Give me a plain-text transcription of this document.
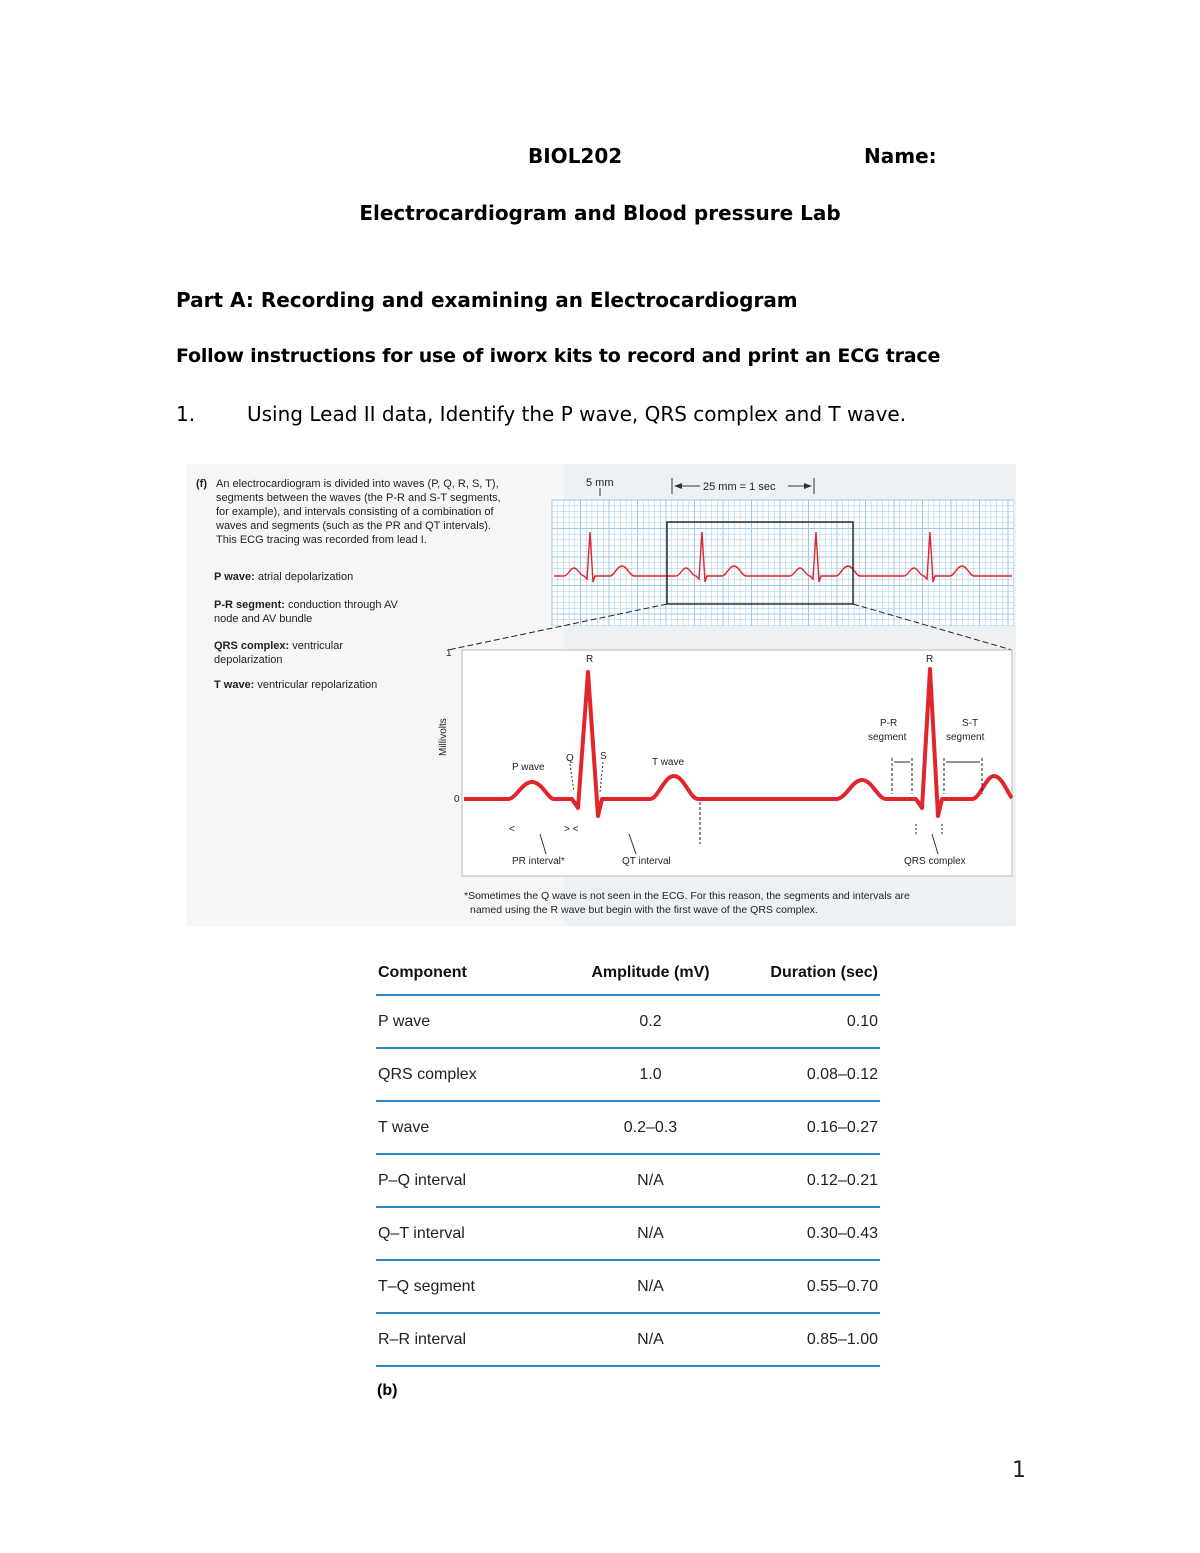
BIOL202	Name:
Electrocardiogram and Blood pressure Lab
Part A: Recording and examining an Electrocardiogram
Follow instructions for use of iworx kits to record and print an ECG trace
1.	Using Lead II data, Identify the P wave, QRS complex and T wave.
(f) An electrocardiogram is divided into waves (P, Q, R, S, T),
segments between the waves (the P-R and S-T segments,
for example), and intervals consisting of a combination of
waves and segments (such as the PR and QT intervals).
This ECG tracing was recorded from lead I.
P wave: atrial depolarization
P-R segment: conduction through AV
node and AV bundle
QRS complex: ventricular
depolarization
T wave: ventricular repolarization
5 mm	25 mm = 1 sec
1
0
Millivolts
R	R
P wave
Q	S
T wave
P-R
segment
S-T
segment
<	> <
PR interval*	QT interval	QRS complex
*Sometimes the Q wave is not seen in the ECG. For this reason, the segments and intervals are
named using the R wave but begin with the first wave of the QRS complex.
Component	Amplitude (mV)	Duration (sec)
P wave	0.2	0.10
QRS complex	1.0	0.08–0.12
T wave	0.2–0.3	0.16–0.27
P–Q interval	N/A	0.12–0.21
Q–T interval	N/A	0.30–0.43
T–Q segment	N/A	0.55–0.70
R–R interval	N/A	0.85–1.00
(b)
1
